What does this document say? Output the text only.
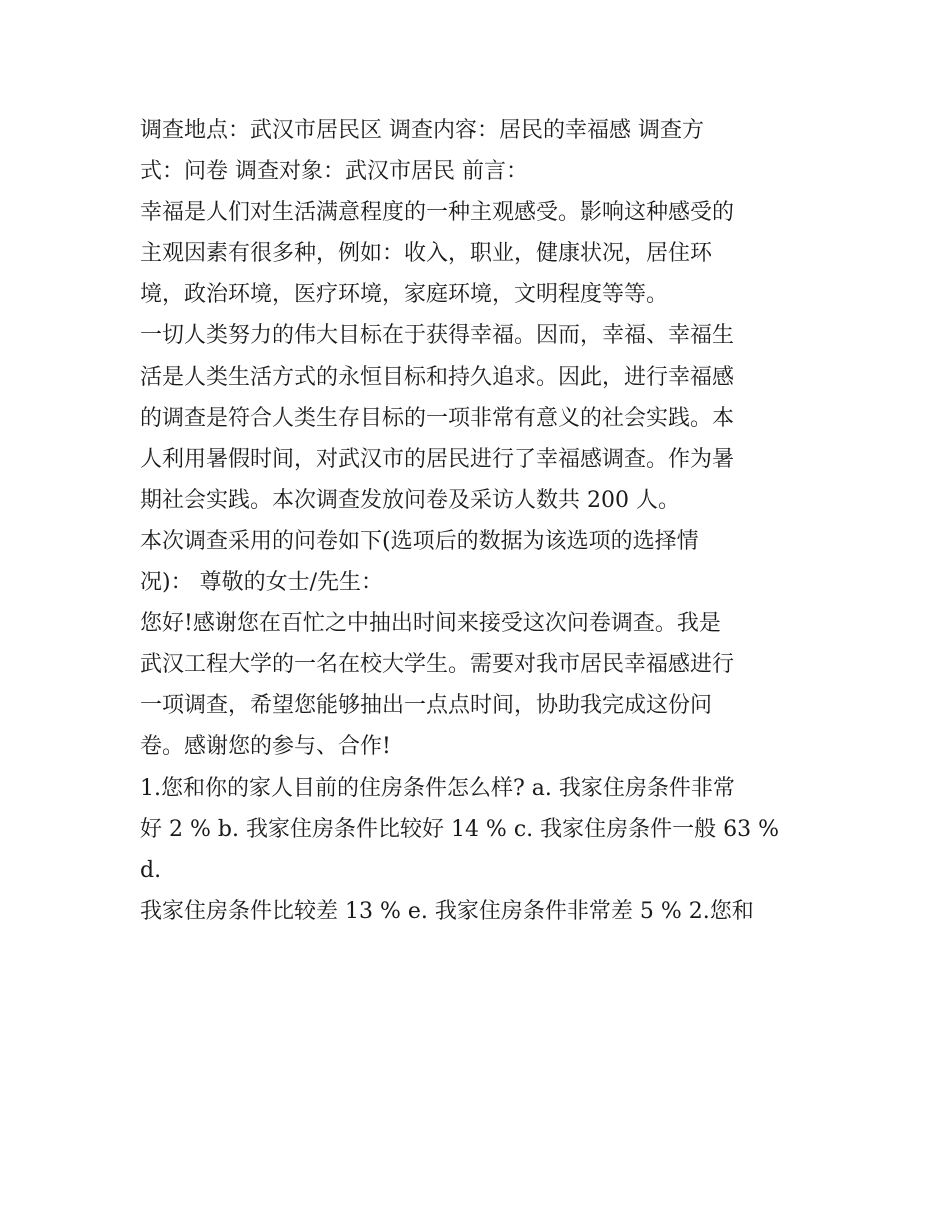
调查地点：武汉市居民区 调查内容：居民的幸福感 调查方
式：问卷 调查对象：武汉市居民 前言：

幸福是人们对生活满意程度的一种主观感受。影响这种感受的
主观因素有很多种，例如：收入，职业，健康状况，居住环
境，政治环境，医疗环境，家庭环境，文明程度等等。

一切人类努力的伟大目标在于获得幸福。因而，幸福、幸福生
活是人类生活方式的永恒目标和持久追求。因此，进行幸福感
的调查是符合人类生存目标的一项非常有意义的社会实践。本
人利用暑假时间，对武汉市的居民进行了幸福感调查。作为暑
期社会实践。本次调查发放问卷及采访人数共 200 人。

本次调查采用的问卷如下(选项后的数据为该选项的选择情
况)： 尊敬的女士/先生：

您好!感谢您在百忙之中抽出时间来接受这次问卷调查。我是
武汉工程大学的一名在校大学生。需要对我市居民幸福感进行
一项调查，希望您能够抽出一点点时间，协助我完成这份问
卷。感谢您的参与、合作!

1.您和你的家人目前的住房条件怎么样? a. 我家住房条件非常
好 2 % b. 我家住房条件比较好 14 % c. 我家住房条件一般 63 %
d.

我家住房条件比较差 13 % e. 我家住房条件非常差 5 % 2.您和
